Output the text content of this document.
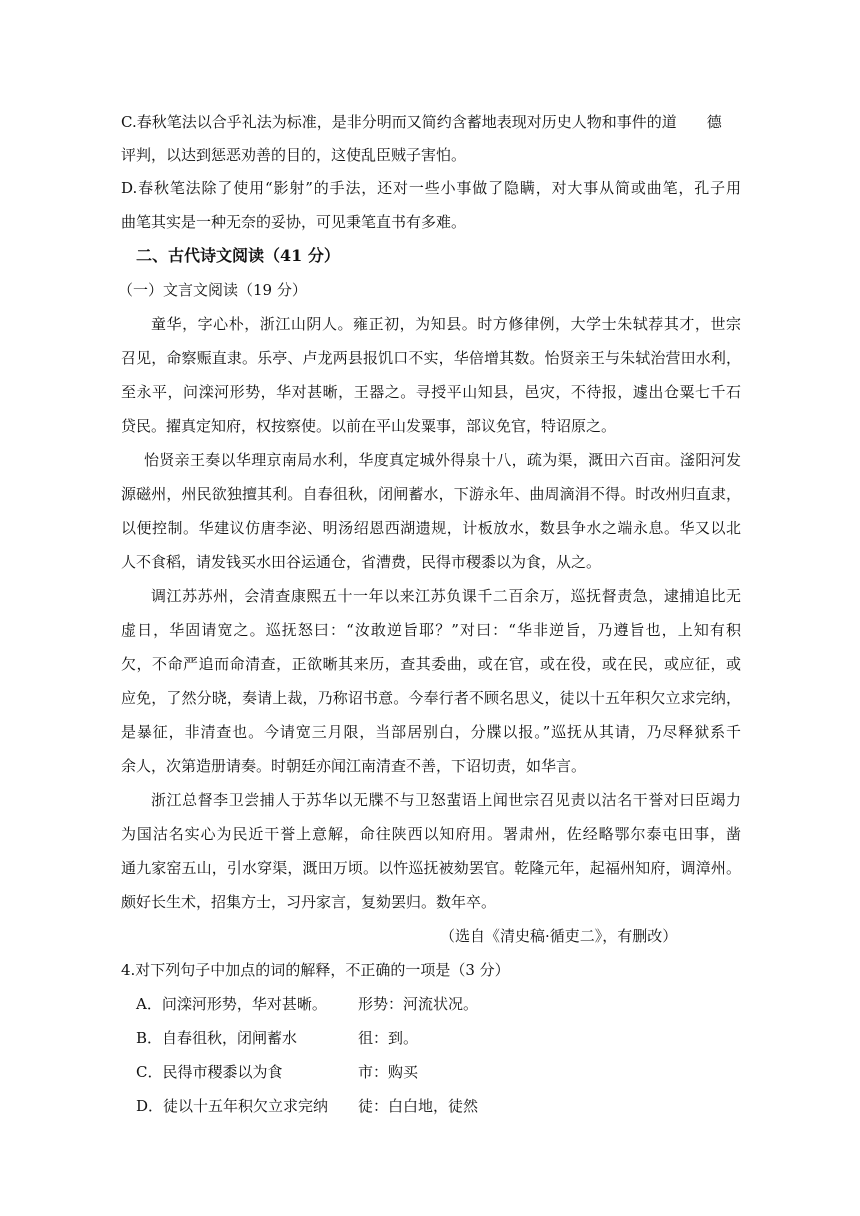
C.春秋笔法以合乎礼法为标准，是非分明而又简约含蓄地表现对历史人物和事件的道 德
评判，以达到惩恶劝善的目的，这使乱臣贼子害怕。
D.春秋笔法除了使用“影射”的手法，还对一些小事做了隐瞒，对大事从简或曲笔，孔子用
曲笔其实是一种无奈的妥协，可见秉笔直书有多难。
二、古代诗文阅读（41 分）
（一）文言文阅读（19 分）
童华，字心朴，浙江山阴人。雍正初，为知县。时方修律例，大学士朱轼荐其才，世宗
召见，命察赈直隶。乐亭、卢龙两县报饥口不实，华倍增其数。怡贤亲王与朱轼治营田水利，
至永平，问滦河形势，华对甚晰，王器之。寻授平山知县，邑灾，不待报，遽出仓粟七千石
贷民。擢真定知府，权按察使。以前在平山发粟事，部议免官，特诏原之。
怡贤亲王奏以华理京南局水利，华度真定城外得泉十八，疏为渠，溉田六百亩。滏阳河发
源磁州，州民欲独擅其利。自春徂秋，闭闸蓄水，下游永年、曲周滴涓不得。时改州归直隶，
以便控制。华建议仿唐李泌、明汤绍恩西湖遗规，计板放水，数县争水之端永息。华又以北
人不食稻，请发钱买水田谷运通仓，省漕费，民得市稷黍以为食，从之。
调江苏苏州，会清查康熙五十一年以来江苏负课千二百余万，巡抚督责急，逮捕追比无
虚日，华固请宽之。巡抚怒曰：“汝敢逆旨耶？”对曰：“华非逆旨，乃遵旨也，上知有积
欠，不命严追而命清查，正欲晰其来历，查其委曲，或在官，或在役，或在民，或应征，或
应免，了然分晓，奏请上裁，乃称诏书意。今奉行者不顾名思义，徒以十五年积欠立求完纳，
是暴征，非清查也。今请宽三月限，当部居别白，分牒以报。”巡抚从其请，乃尽释狱系千
余人，次第造册请奏。时朝廷亦闻江南清查不善，下诏切责，如华言。
浙江总督李卫尝捕人于苏华以无牒不与卫怒蜚语上闻世宗召见责以沽名干誉对曰臣竭力
为国沽名实心为民近干誉上意解，命往陕西以知府用。署肃州，佐经略鄂尔泰屯田事，凿
通九家窑五山，引水穿渠，溉田万顷。以忤巡抚被劾罢官。乾隆元年，起福州知府，调漳州。
颇好长生术，招集方士，习丹家言，复劾罢归。数年卒。
（选自《清史稿·循吏二》，有删改）
4.对下列句子中加点的词的解释，不正确的一项是（3 分）
A．问滦河形势，华对甚晰。 形势：河流状况。
B．自春徂秋，闭闸蓄水	徂：到。
C．民得市稷黍以为食	市：购买
D．徒以十五年积欠立求完纳 徒：白白地，徒然
